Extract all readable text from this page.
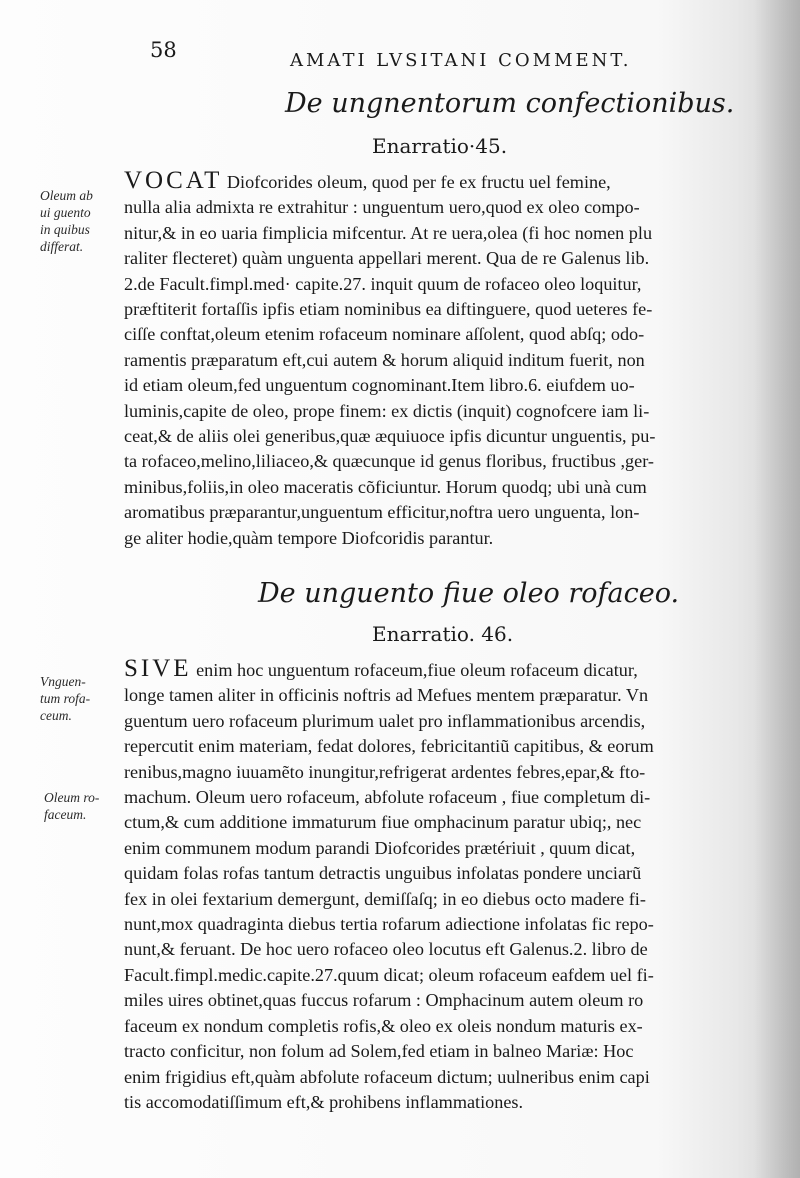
58	AMATI LVSITANI COMMENT.
De ungnentorum confectionibus.
Enarratio·45.
Oleum ab
ui guento
in quibus
differat.
VOCAT Diofcorides oleum, quod per fe ex fructu uel femine,
nulla alia admixta re extrahitur : unguentum uero,quod ex oleo compo-
nitur,& in eo uaria fimplicia mifcentur. At re uera,olea (fi hoc nomen plu
raliter flecteret) quàm unguenta appellari merent. Qua de re Galenus lib.
2.de Facult.fimpl.med· capite.27. inquit quum de rofaceo oleo loquitur,
præftiterit fortaſſis ipfis etiam nominibus ea diftinguere, quod ueteres fe-
ciſſe conftat,oleum etenim rofaceum nominare aſſolent, quod abſq; odo-
ramentis præparatum eft,cui autem & horum aliquid inditum fuerit, non
id etiam oleum,fed unguentum cognominant.Item libro.6. eiufdem uo-
luminis,capite de oleo, prope finem: ex dictis (inquit) cognofcere iam li-
ceat,& de aliis olei generibus,quæ æquiuoce ipfis dicuntur unguentis, pu-
ta rofaceo,melino,liliaceo,& quæcunque id genus floribus, fructibus ,ger-
minibus,foliis,in oleo maceratis cõficiuntur. Horum quodq; ubi unà cum
aromatibus præparantur,unguentum efficitur,noftra uero unguenta, lon-
ge aliter hodie,quàm tempore Diofcoridis parantur.
De unguento fiue oleo rofaceo.
Enarratio. 46.
Vnguen-
tum rofa-
ceum.
Oleum ro-
faceum.
SIVE enim hoc unguentum rofaceum,fiue oleum rofaceum dicatur,
longe tamen aliter in officinis noftris ad Mefues mentem præparatur. Vn
guentum uero rofaceum plurimum ualet pro inflammationibus arcendis,
repercutit enim materiam, fedat dolores, febricitantiũ capitibus, & eorum
renibus,magno iuuamẽto inungitur,refrigerat ardentes febres,epar,& fto-
machum. Oleum uero rofaceum, abfolute rofaceum , fiue completum di-
ctum,& cum additione immaturum fiue omphacinum paratur ubiq;, nec
enim communem modum parandi Diofcorides prætériuit , quum dicat,
quidam folas rofas tantum detractis unguibus infolatas pondere unciarũ
fex in olei fextarium demergunt, demiſſaſq; in eo diebus octo madere fi-
nunt,mox quadraginta diebus tertia rofarum adiectione infolatas fic repo-
nunt,& feruant. De hoc uero rofaceo oleo locutus eft Galenus.2. libro de
Facult.fimpl.medic.capite.27.quum dicat; oleum rofaceum eafdem uel fi-
miles uires obtinet,quas fuccus rofarum : Omphacinum autem oleum ro
faceum ex nondum completis rofis,& oleo ex oleis nondum maturis ex-
tracto conficitur, non folum ad Solem,fed etiam in balneo Mariæ: Hoc
enim frigidius eft,quàm abfolute rofaceum dictum; uulneribus enim capi
tis accomodatiſſimum eft,& prohibens inflammationes.
